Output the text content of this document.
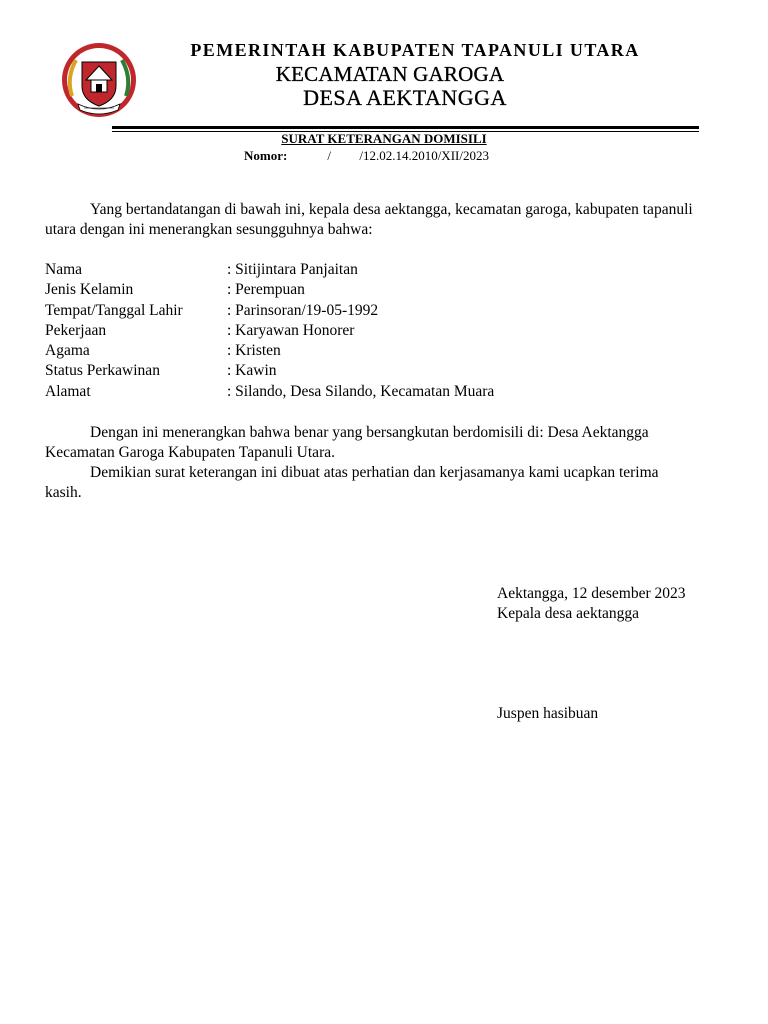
PEMERINTAH KABUPATEN TAPANULI UTARA
KECAMATAN GAROGA
DESA AEKTANGGA
SURAT KETERANGAN DOMISILI
Nomor:	/ /12.02.14.2010/XII/2023
Yang bertandatangan di bawah ini, kepala desa aektangga, kecamatan garoga, kabupaten tapanuli utara dengan ini menerangkan sesungguhnya bahwa:
Nama	: Sitijintara Panjaitan
Jenis Kelamin	: Perempuan
Tempat/Tanggal Lahir	: Parinsoran/19-05-1992
Pekerjaan	: Karyawan Honorer
Agama	: Kristen
Status Perkawinan	: Kawin
Alamat	: Silando, Desa Silando, Kecamatan Muara
Dengan ini menerangkan bahwa benar yang bersangkutan berdomisili di: Desa Aektangga Kecamatan Garoga Kabupaten Tapanuli Utara.
Demikian surat keterangan ini dibuat atas perhatian dan kerjasamanya kami ucapkan terima kasih.
Aektangga, 12 desember 2023
Kepala desa aektangga
Juspen hasibuan
